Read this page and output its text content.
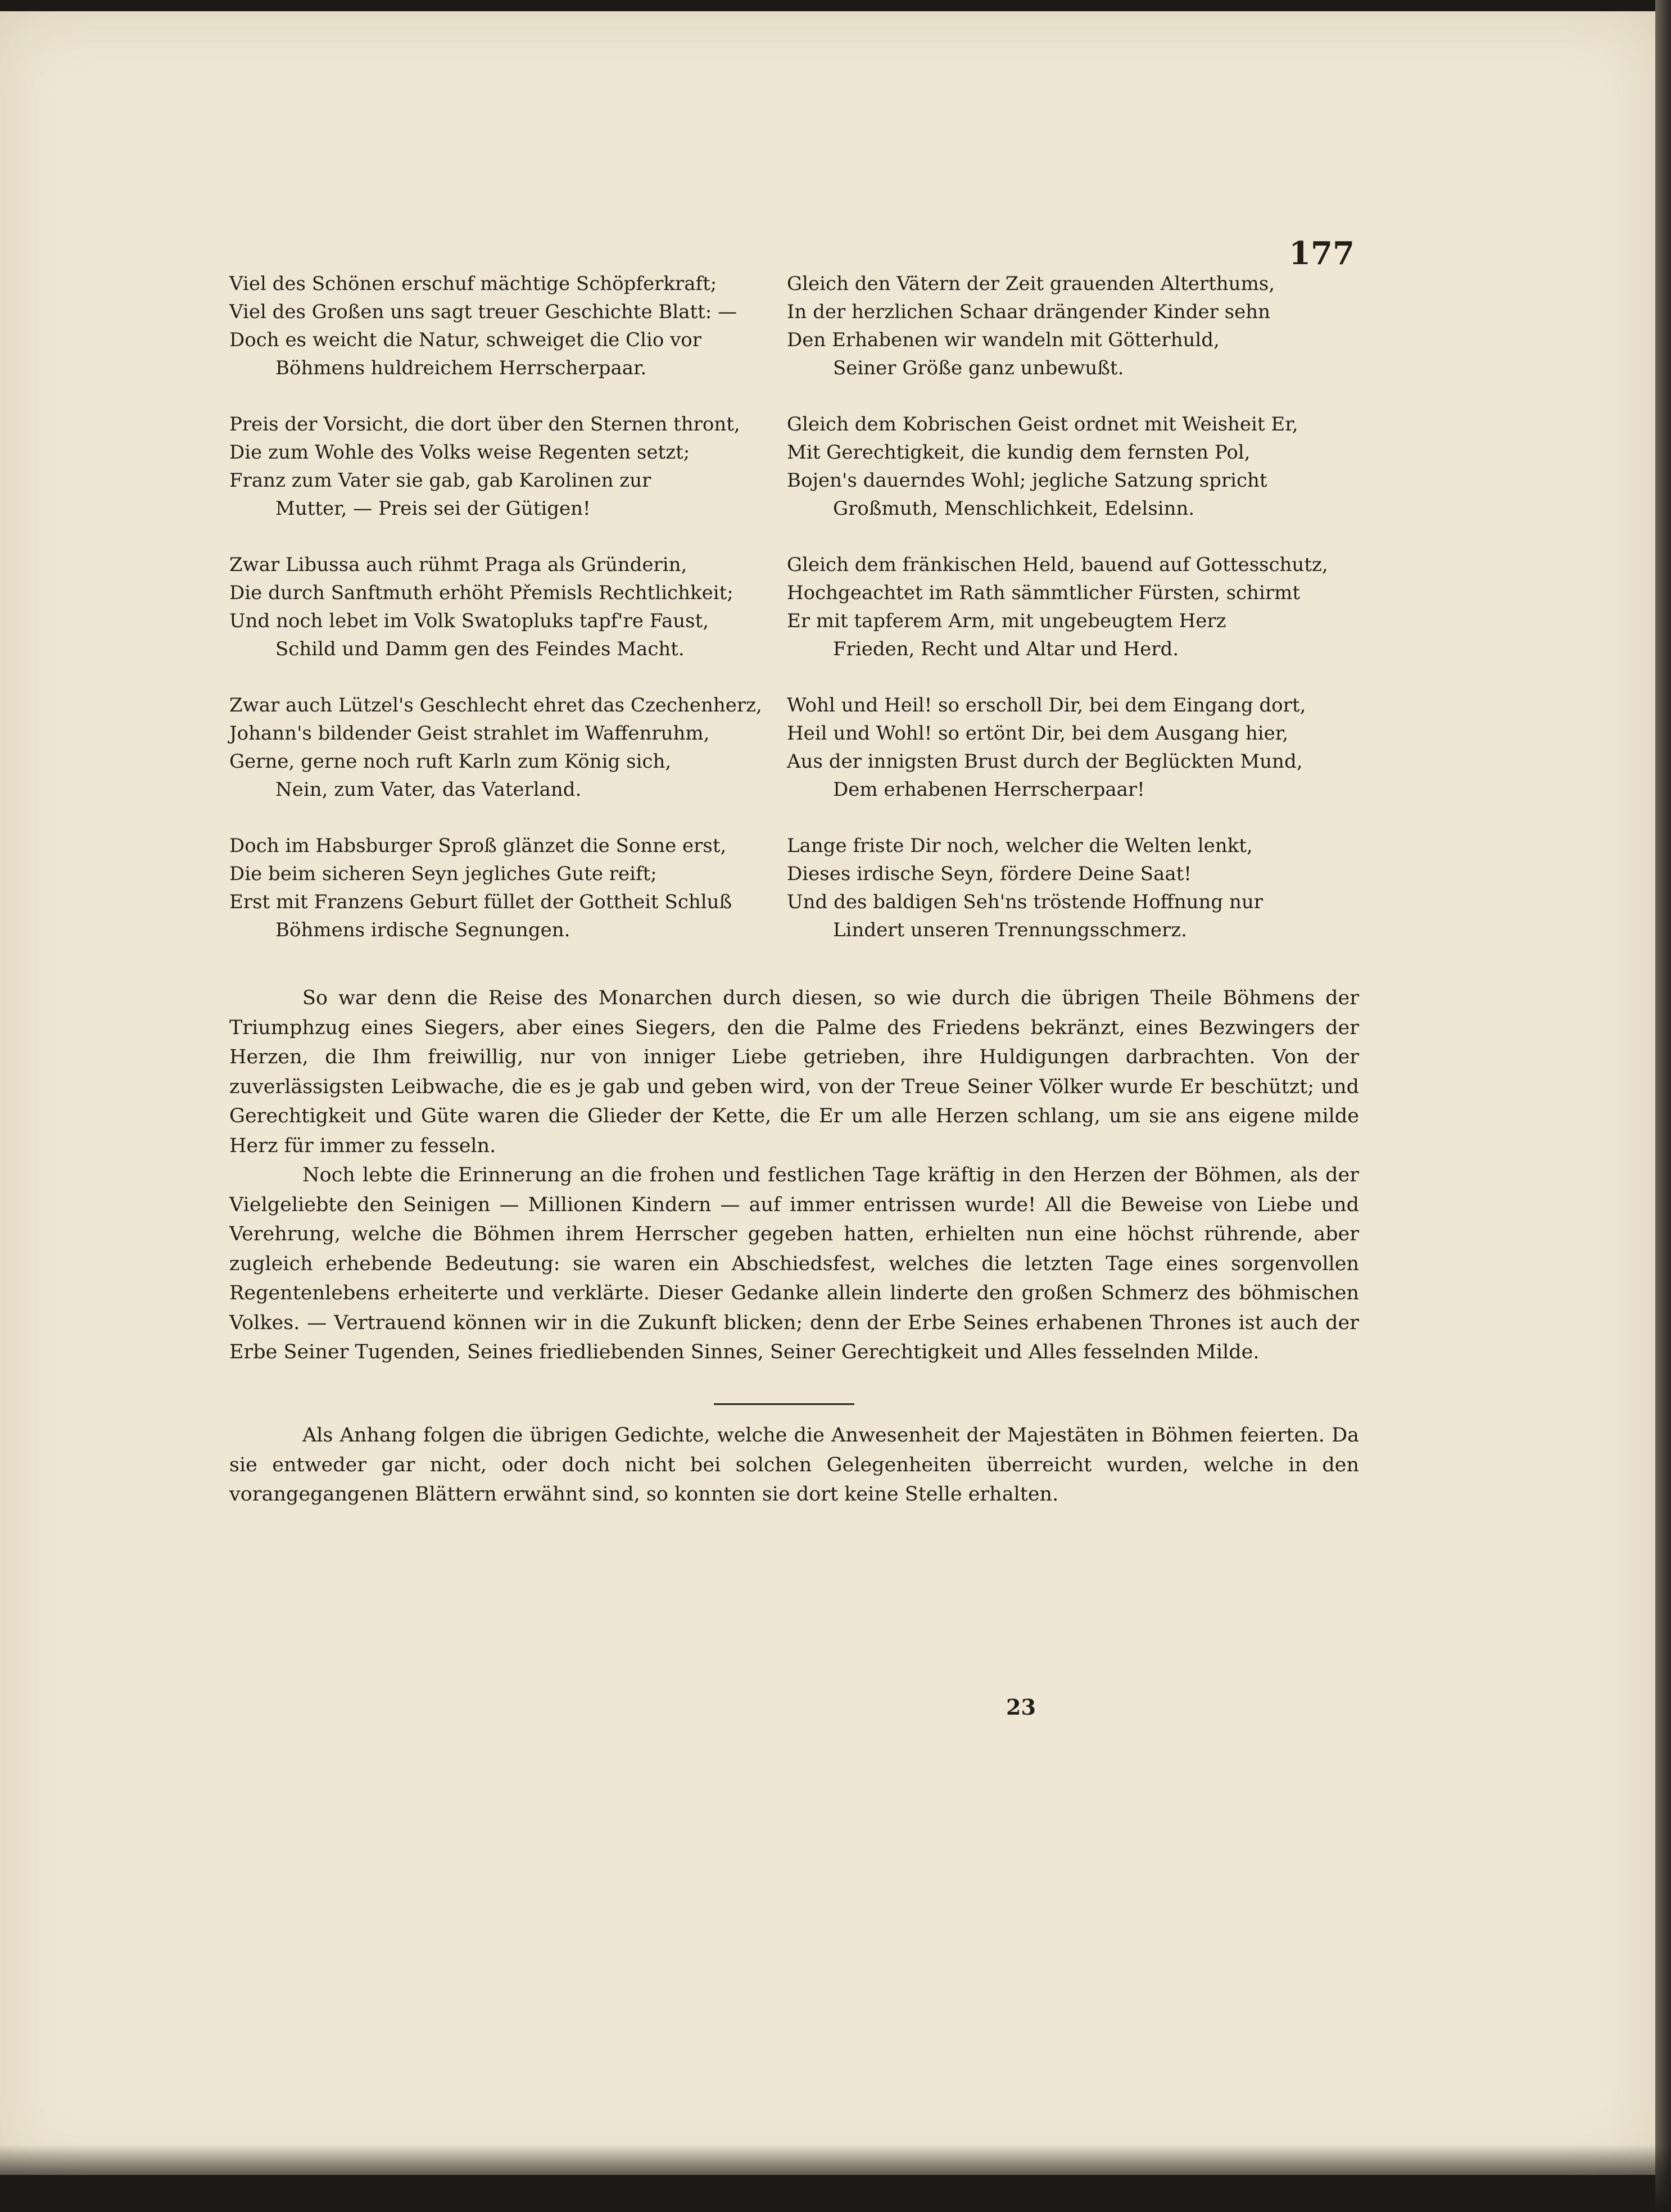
177
Viel des Schönen erschuf mächtige Schöpferkraft;
Viel des Großen uns sagt treuer Geschichte Blatt: —
Doch es weicht die Natur, schweiget die Clio vor
Böhmens huldreichem Herrscherpaar.
Preis der Vorsicht, die dort über den Sternen thront,
Die zum Wohle des Volks weise Regenten setzt;
Franz zum Vater sie gab, gab Karolinen zur
Mutter, — Preis sei der Gütigen!
Zwar Libussa auch rühmt Praga als Gründerin,
Die durch Sanftmuth erhöht Přemisls Rechtlichkeit;
Und noch lebet im Volk Swatopluks tapf're Faust,
Schild und Damm gen des Feindes Macht.
Zwar auch Lützel's Geschlecht ehret das Czechenherz,
Johann's bildender Geist strahlet im Waffenruhm,
Gerne, gerne noch ruft Karln zum König sich,
Nein, zum Vater, das Vaterland.
Doch im Habsburger Sproß glänzet die Sonne erst,
Die beim sicheren Seyn jegliches Gute reift;
Erst mit Franzens Geburt füllet der Gottheit Schluß
Böhmens irdische Segnungen.
Gleich den Vätern der Zeit grauenden Alterthums,
In der herzlichen Schaar drängender Kinder sehn
Den Erhabenen wir wandeln mit Götterhuld,
Seiner Größe ganz unbewußt.
Gleich dem Kobrischen Geist ordnet mit Weisheit Er,
Mit Gerechtigkeit, die kundig dem fernsten Pol,
Bojen's dauerndes Wohl; jegliche Satzung spricht
Großmuth, Menschlichkeit, Edelsinn.
Gleich dem fränkischen Held, bauend auf Gottesschutz,
Hochgeachtet im Rath sämmtlicher Fürsten, schirmt
Er mit tapferem Arm, mit ungebeugtem Herz
Frieden, Recht und Altar und Herd.
Wohl und Heil! so erscholl Dir, bei dem Eingang dort,
Heil und Wohl! so ertönt Dir, bei dem Ausgang hier,
Aus der innigsten Brust durch der Beglückten Mund,
Dem erhabenen Herrscherpaar!
Lange friste Dir noch, welcher die Welten lenkt,
Dieses irdische Seyn, fördere Deine Saat!
Und des baldigen Seh'ns tröstende Hoffnung nur
Lindert unseren Trennungsschmerz.

So war denn die Reise des Monarchen durch diesen, so wie durch die übrigen Theile Böhmens der Triumphzug eines Siegers, aber eines Siegers, den die Palme des Friedens bekränzt, eines Bezwingers der Herzen, die Ihm freiwillig, nur von inniger Liebe getrieben, ihre Huldigungen darbrachten. Von der zuverlässigsten Leibwache, die es je gab und geben wird, von der Treue Seiner Völker wurde Er beschützt; und Gerechtigkeit und Güte waren die Glieder der Kette, die Er um alle Herzen schlang, um sie ans eigene milde Herz für immer zu fesseln.

Noch lebte die Erinnerung an die frohen und festlichen Tage kräftig in den Herzen der Böhmen, als der Vielgeliebte den Seinigen — Millionen Kindern — auf immer entrissen wurde! All die Beweise von Liebe und Verehrung, welche die Böhmen ihrem Herrscher gegeben hatten, erhielten nun eine höchst rührende, aber zugleich erhebende Bedeutung: sie waren ein Abschiedsfest, welches die letzten Tage eines sorgenvollen Regentenlebens erheiterte und verklärte. Dieser Gedanke allein linderte den großen Schmerz des böhmischen Volkes. — Vertrauend können wir in die Zukunft blicken; denn der Erbe Seines erhabenen Thrones ist auch der Erbe Seiner Tugenden, Seines friedliebenden Sinnes, Seiner Gerechtigkeit und Alles fesselnden Milde.

Als Anhang folgen die übrigen Gedichte, welche die Anwesenheit der Majestäten in Böhmen feierten. Da sie entweder gar nicht, oder doch nicht bei solchen Gelegenheiten überreicht wurden, welche in den vorangegangenen Blättern erwähnt sind, so konnten sie dort keine Stelle erhalten.

23
